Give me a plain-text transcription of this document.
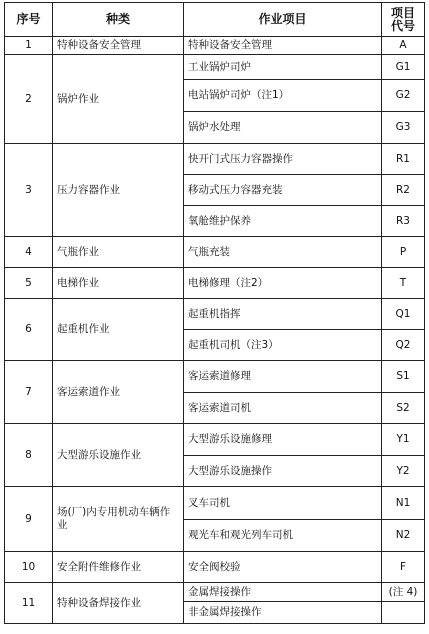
序号	种类	作业项目	项目代号
1	特种设备安全管理	特种设备安全管理	A
2	锅炉作业	工业锅炉司炉	G1
		电站锅炉司炉（注1）	G2
		锅炉水处理	G3
3	压力容器作业	快开门式压力容器操作	R1
		移动式压力容器充装	R2
		氧舱维护保养	R3
4	气瓶作业	气瓶充装	P
5	电梯作业	电梯修理（注2）	T
6	起重机作业	起重机指挥	Q1
		起重机司机（注3）	Q2
7	客运索道作业	客运索道修理	S1
		客运索道司机	S2
8	大型游乐设施作业	大型游乐设施修理	Y1
		大型游乐设施操作	Y2
9	场(厂)内专用机动车辆作业	叉车司机	N1
		观光车和观光列车司机	N2
10	安全附件维修作业	安全阀校验	F
11	特种设备焊接作业	金属焊接操作	(注 4)
		非金属焊接操作	
